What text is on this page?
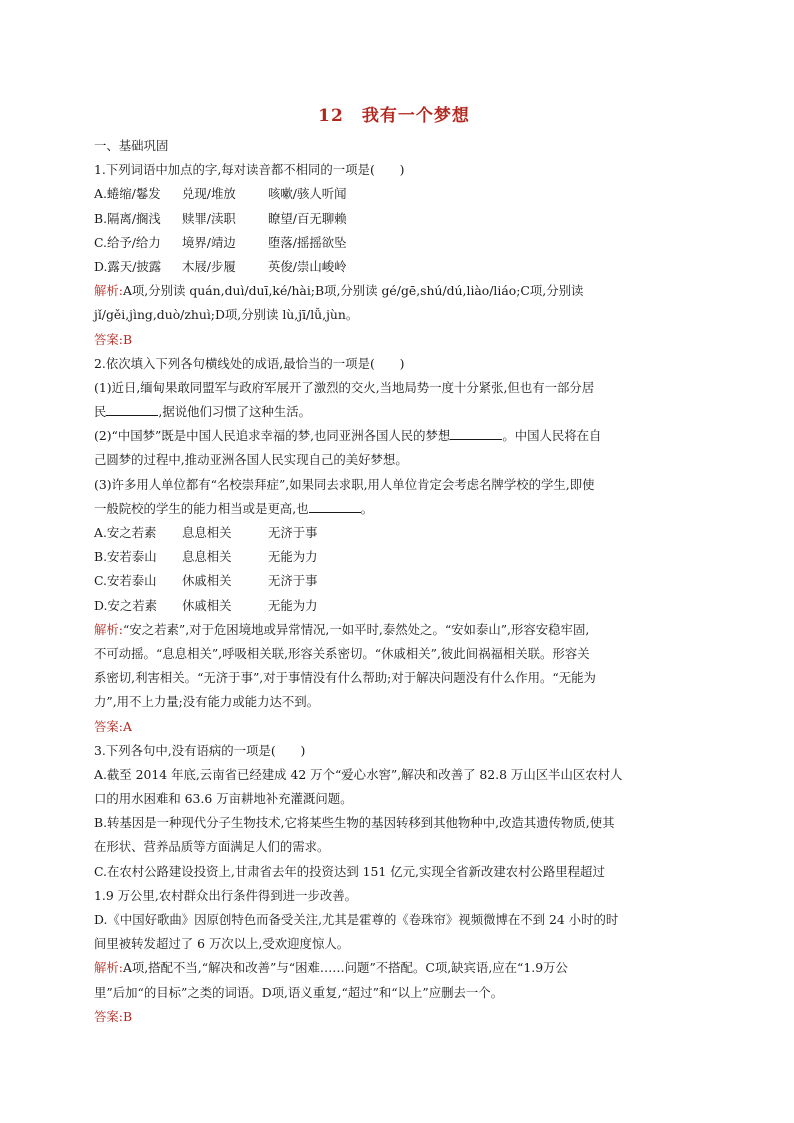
12 我有一个梦想
一、基础巩固
1.下列词语中加点的字,每对读音都不相同的一项是(　　)
A.蜷缩/鬈发	兑现/堆放	咳嗽/骇人听闻
B.隔离/搁浅	赎罪/渎职	瞭望/百无聊赖
C.给予/给力	境界/靖边	堕落/摇摇欲坠
D.露天/披露	木屐/步履	英俊/崇山峻岭
解析:A项,分别读 quán,duì/duī,ké/hài;B项,分别读 gé/gē,shú/dú,liào/liáo;C项,分别读
jǐ/gěi,jìng,duò/zhuì;D项,分别读 lù,jī/lǚ,jùn。
答案:B
2.依次填入下列各句横线处的成语,最恰当的一项是(　　)
(1)近日,缅甸果敢同盟军与政府军展开了激烈的交火,当地局势一度十分紧张,但也有一部分居
民	,据说他们习惯了这种生活。
(2)“中国梦”既是中国人民追求幸福的梦,也同亚洲各国人民的梦想	。中国人民将在自
己圆梦的过程中,推动亚洲各国人民实现自己的美好梦想。
(3)许多用人单位都有“名校崇拜症”,如果同去求职,用人单位肯定会考虑名牌学校的学生,即使
一般院校的学生的能力相当或是更高,也	。
A.安之若素	息息相关	无济于事
B.安若泰山	息息相关	无能为力
C.安若泰山	休戚相关	无济于事
D.安之若素	休戚相关	无能为力
解析:“安之若素”,对于危困境地或异常情况,一如平时,泰然处之。“安如泰山”,形容安稳牢固,
不可动摇。“息息相关”,呼吸相关联,形容关系密切。“休戚相关”,彼此间祸福相关联。形容关
系密切,利害相关。“无济于事”,对于事情没有什么帮助;对于解决问题没有什么作用。“无能为
力”,用不上力量;没有能力或能力达不到。
答案:A
3.下列各句中,没有语病的一项是(　　)
A.截至 2014 年底,云南省已经建成 42 万个“爱心水窖”,解决和改善了 82.8 万山区半山区农村人
口的用水困难和 63.6 万亩耕地补充灌溉问题。
B.转基因是一种现代分子生物技术,它将某些生物的基因转移到其他物种中,改造其遗传物质,使其
在形状、营养品质等方面满足人们的需求。
C.在农村公路建设投资上,甘肃省去年的投资达到 151 亿元,实现全省新改建农村公路里程超过
1.9 万公里,农村群众出行条件得到进一步改善。
D.《中国好歌曲》因原创特色而备受关注,尤其是霍尊的《卷珠帘》视频微博在不到 24 小时的时
间里被转发超过了 6 万次以上,受欢迎度惊人。
解析:A项,搭配不当,“解决和改善”与“困难……问题”不搭配。C项,缺宾语,应在“1.9万公
里”后加“的目标”之类的词语。D项,语义重复,“超过”和“以上”应删去一个。
答案:B
